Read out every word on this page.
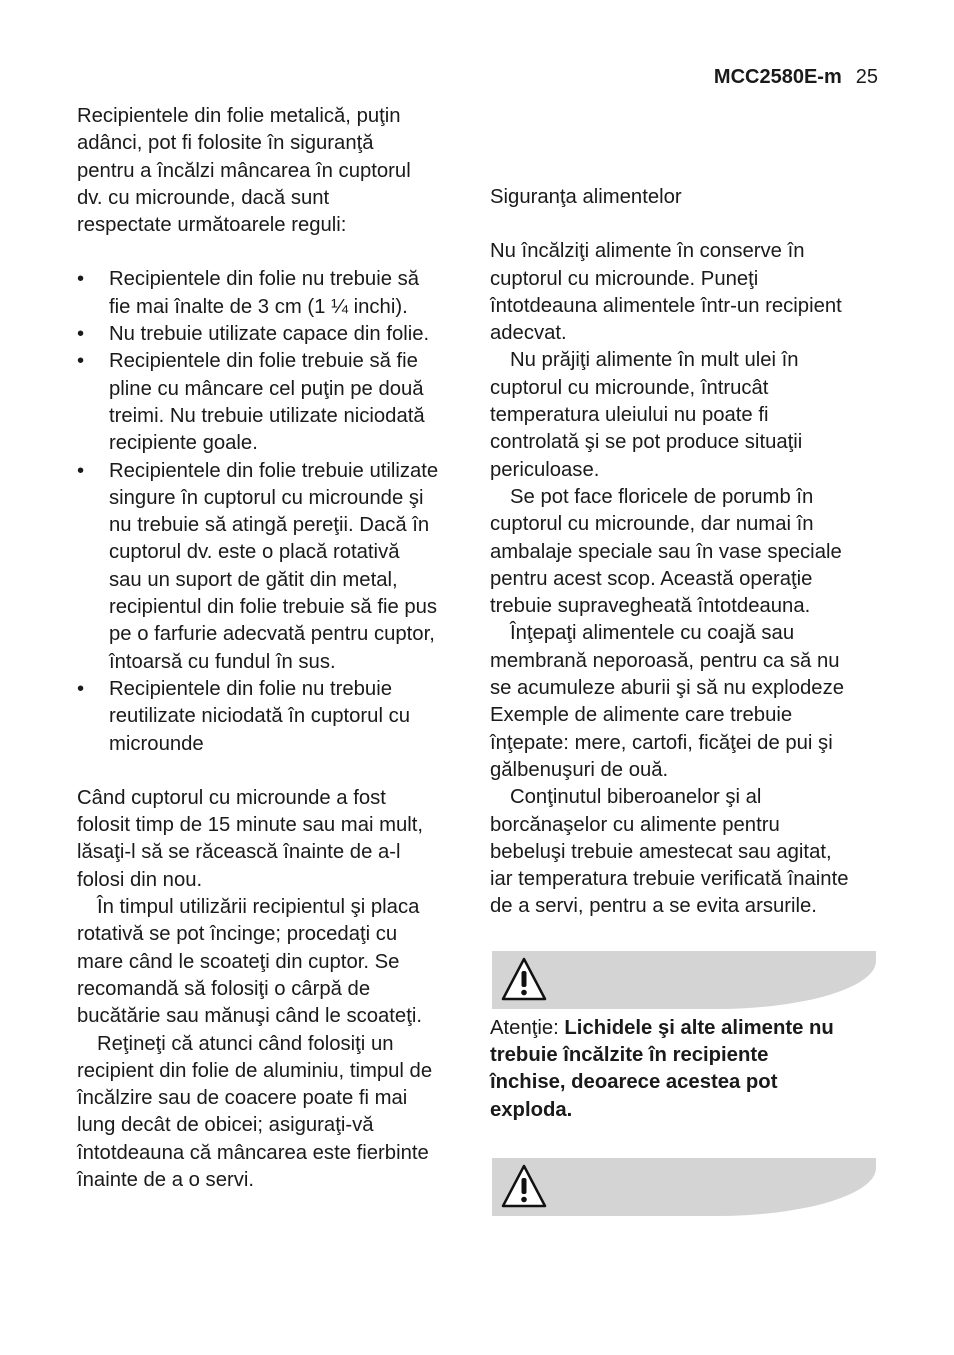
MCC2580E-m 25

Recipientele din folie metalică, puţin
adânci, pot fi folosite în siguranţă
pentru a încălzi mâncarea în cuptorul
dv. cu microunde, dacă sunt
respectate următoarele reguli:

• Recipientele din folie nu trebuie să
fie mai înalte de 3 cm (1 ¼ inchi).
• Nu trebuie utilizate capace din folie.
• Recipientele din folie trebuie să fie
pline cu mâncare cel puţin pe două
treimi. Nu trebuie utilizate niciodată
recipiente goale.
• Recipientele din folie trebuie utilizate
singure în cuptorul cu microunde şi
nu trebuie să atingă pereţii. Dacă în
cuptorul dv. este o placă rotativă
sau un suport de gătit din metal,
recipientul din folie trebuie să fie pus
pe o farfurie adecvată pentru cuptor,
întoarsă cu fundul în sus.
• Recipientele din folie nu trebuie
reutilizate niciodată în cuptorul cu
microunde

Când cuptorul cu microunde a fost
folosit timp de 15 minute sau mai mult,
lăsaţi-l să se răcească înainte de a-l
folosi din nou.

În timpul utilizării recipientul şi placa
rotativă se pot încinge; procedaţi cu
mare când le scoateţi din cuptor. Se
recomandă să folosiţi o cârpă de
bucătărie sau mănuşi când le scoateţi.

Reţineţi că atunci când folosiţi un
recipient din folie de aluminiu, timpul de
încălzire sau de coacere poate fi mai
lung decât de obicei; asiguraţi-vă
întotdeauna că mâncarea este fierbinte
înainte de a o servi.

Siguranţa alimentelor

Nu încălziţi alimente în conserve în
cuptorul cu microunde. Puneţi
întotdeauna alimentele într-un recipient
adecvat.

Nu prăjiţi alimente în mult ulei în
cuptorul cu microunde, întrucât
temperatura uleiului nu poate fi
controlată şi se pot produce situaţii
periculoase.

Se pot face floricele de porumb în
cuptorul cu microunde, dar numai în
ambalaje speciale sau în vase speciale
pentru acest scop. Această operaţie
trebuie supravegheată întotdeauna.

Înţepaţi alimentele cu coajă sau
membrană neporoasă, pentru ca să nu
se acumuleze aburii şi să nu explodeze
Exemple de alimente care trebuie
înţepate: mere, cartofi, ficăţei de pui şi
gălbenuşuri de ouă.

Conţinutul biberoanelor şi al
borcănaşelor cu alimente pentru
bebeluşi trebuie amestecat sau agitat,
iar temperatura trebuie verificată înainte
de a servi, pentru a se evita arsurile.

Atenţie: Lichidele şi alte alimente nu
trebuie încălzite în recipiente
închise, deoarece acestea pot
exploda.
